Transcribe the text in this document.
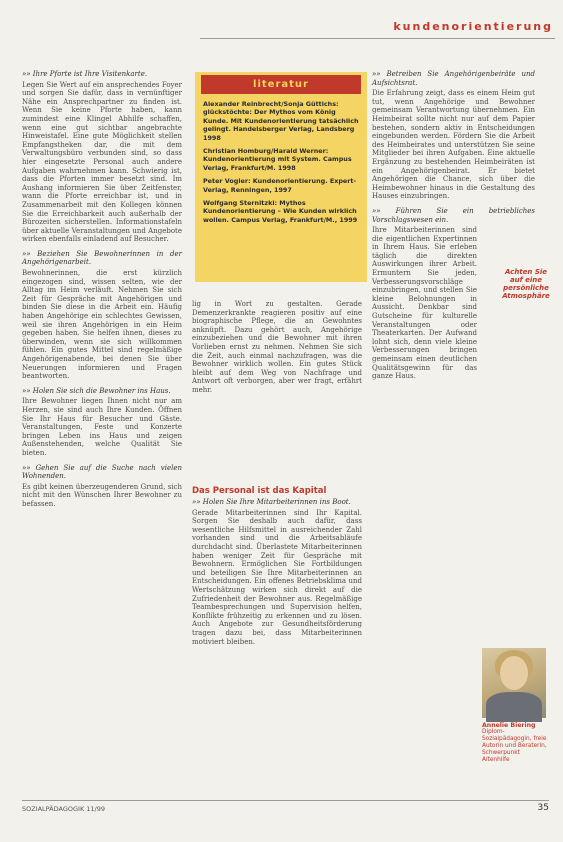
kundenorientierung

»» Ihre Pforte ist Ihre Visitenkarte.

Legen Sie Wert auf ein ansprechendes Foyer und sorgen Sie dafür, dass in vernünftiger Nähe ein Ansprechpartner zu finden ist. Wenn Sie keine Pforte haben, kann zumindest eine Klingel Abhilfe schaffen, wenn eine gut sichtbar angebrachte Hinweistafel. Eine gute Möglichkeit stellen Empfangstheken dar, die mit dem Verwaltungsbüro verbunden sind, so dass hier eingesetzte Personal auch andere Aufgaben wahrnehmen kann. Schwierig ist, dass die Pforten immer besetzt sind. Im Aushang informieren Sie über Zeitfenster, wann die Pforte erreichbar ist, und in Zusammenarbeit mit den Kollegen können Sie die Erreichbarkeit auch außerhalb der Bürozeiten sicherstellen. Informationstafeln über aktuelle Veranstaltungen und Angebote wirken ebenfalls einladend auf Besucher.

»» Beziehen Sie Bewohnerinnen in der Angehörigenarbeit.

Bewohnerinnen, die erst kürzlich eingezogen sind, wissen selten, wie der Alltag im Heim verläuft. Nehmen Sie sich Zeit für Gespräche mit Angehörigen und binden Sie diese in die Arbeit ein. Häufig haben Angehörige ein schlechtes Gewissen, weil sie ihren Angehörigen in ein Heim gegeben haben. Sie helfen ihnen, dieses zu überwinden, wenn sie sich willkommen fühlen. Ein gutes Mittel sind regelmäßige Angehörigenabende, bei denen Sie über Neuerungen informieren und Fragen beantworten.

»» Holen Sie sich die Bewohner ins Haus.

Ihre Bewohner liegen Ihnen nicht nur am Herzen, sie sind auch Ihre Kunden. Öffnen Sie Ihr Haus für Besucher und Gäste. Veranstaltungen, Feste und Konzerte bringen Leben ins Haus und zeigen Außenstehenden, welche Qualität Sie bieten.

»» Gehen Sie auf die Suche nach vielen Wohnenden.

Es gibt keinen überzeugenderen Grund, sich nicht mit den Wünschen Ihrer Bewohner zu befassen.

literatur
Alexander Reinbrecht/Sonja Güttichs: glückstöchte: Der Mythos vom König Kunde. Mit Kundenorientierung tatsächlich gelingt. Handelsberger Verlag, Landsberg 1998
Christian Homburg/Harald Werner: Kundenorientierung mit System. Campus Verlag, Frankfurt/M. 1998
Peter Vogler: Kundenorientierung. Expert-Verlag, Renningen, 1997
Wolfgang Sternitzki: Mythos Kundenorientierung – Wie Kunden wirklich wollen. Campus Verlag, Frankfurt/M., 1999

lig in Wort zu gestalten. Gerade Demenzerkrankte reagieren positiv auf eine biographische Pflege, die an Gewohntes anknüpft. Dazu gehört auch, Angehörige einzubeziehen und die Bewohner mit ihren Vorlieben ernst zu nehmen. Nehmen Sie sich die Zeit, auch einmal nachzufragen, was die Bewohner wirklich wollen. Ein gutes Stück bleibt auf dem Weg von Nachfrage und Antwort oft verborgen, aber wer fragt, erfährt mehr.

Das Personal ist das Kapital

»» Holen Sie Ihre Mitarbeiterinnen ins Boot.

Gerade Mitarbeiterinnen sind Ihr Kapital. Sorgen Sie deshalb auch dafür, dass wesentliche Hilfsmittel in ausreichender Zahl vorhanden sind und die Arbeitsabläufe durchdacht sind. Überlastete Mitarbeiterinnen haben weniger Zeit für Gespräche mit Bewohnern. Ermöglichen Sie Fortbildungen und beteiligen Sie Ihre Mitarbeiterinnen an Entscheidungen. Ein offenes Betriebsklima und Wertschätzung wirken sich direkt auf die Zufriedenheit der Bewohner aus. Regelmäßige Teambesprechungen und Supervision helfen, Konflikte frühzeitig zu erkennen und zu lösen. Auch Angebote zur Gesundheitsförderung tragen dazu bei, dass Mitarbeiterinnen motiviert bleiben.

»» Betreiben Sie Angehörigenbeiräte und Aufsichtsrat.

Die Erfahrung zeigt, dass es einem Heim gut tut, wenn Angehörige und Bewohner gemeinsam Verantwortung übernehmen. Ein Heimbeirat sollte nicht nur auf dem Papier bestehen, sondern aktiv in Entscheidungen eingebunden werden. Fördern Sie die Arbeit des Heimbeirates und unterstützen Sie seine Mitglieder bei ihren Aufgaben. Eine aktuelle Ergänzung zu bestehenden Heimbeiräten ist ein Angehörigenbeirat. Er bietet Angehörigen die Chance, sich über die Heimbewohner hinaus in die Gestaltung des Hauses einzubringen.

»» Führen Sie ein betriebliches Vorschlagswesen ein.

Ihre Mitarbeiterinnen sind die eigentlichen Expertinnen in Ihrem Haus. Sie erleben täglich die direkten Auswirkungen ihrer Arbeit. Ermuntern Sie jeden, Verbesserungsvorschläge einzubringen, und stellen Sie kleine Belohnungen in Aussicht. Denkbar sind Gutscheine für kulturelle Veranstaltungen oder Theaterkarten. Der Aufwand lohnt sich, denn viele kleine Verbesserungen bringen gemeinsam einen deutlichen Qualitätsgewinn für das ganze Haus.

Achten Sie auf eine persönliche Atmosphäre
Annelie Biering
Diplom-Sozialpädagogin, freie Autorin und Beraterin, Schwerpunkt Altenhilfe
SOZIALPÄDAGOGIK 11/99	35
